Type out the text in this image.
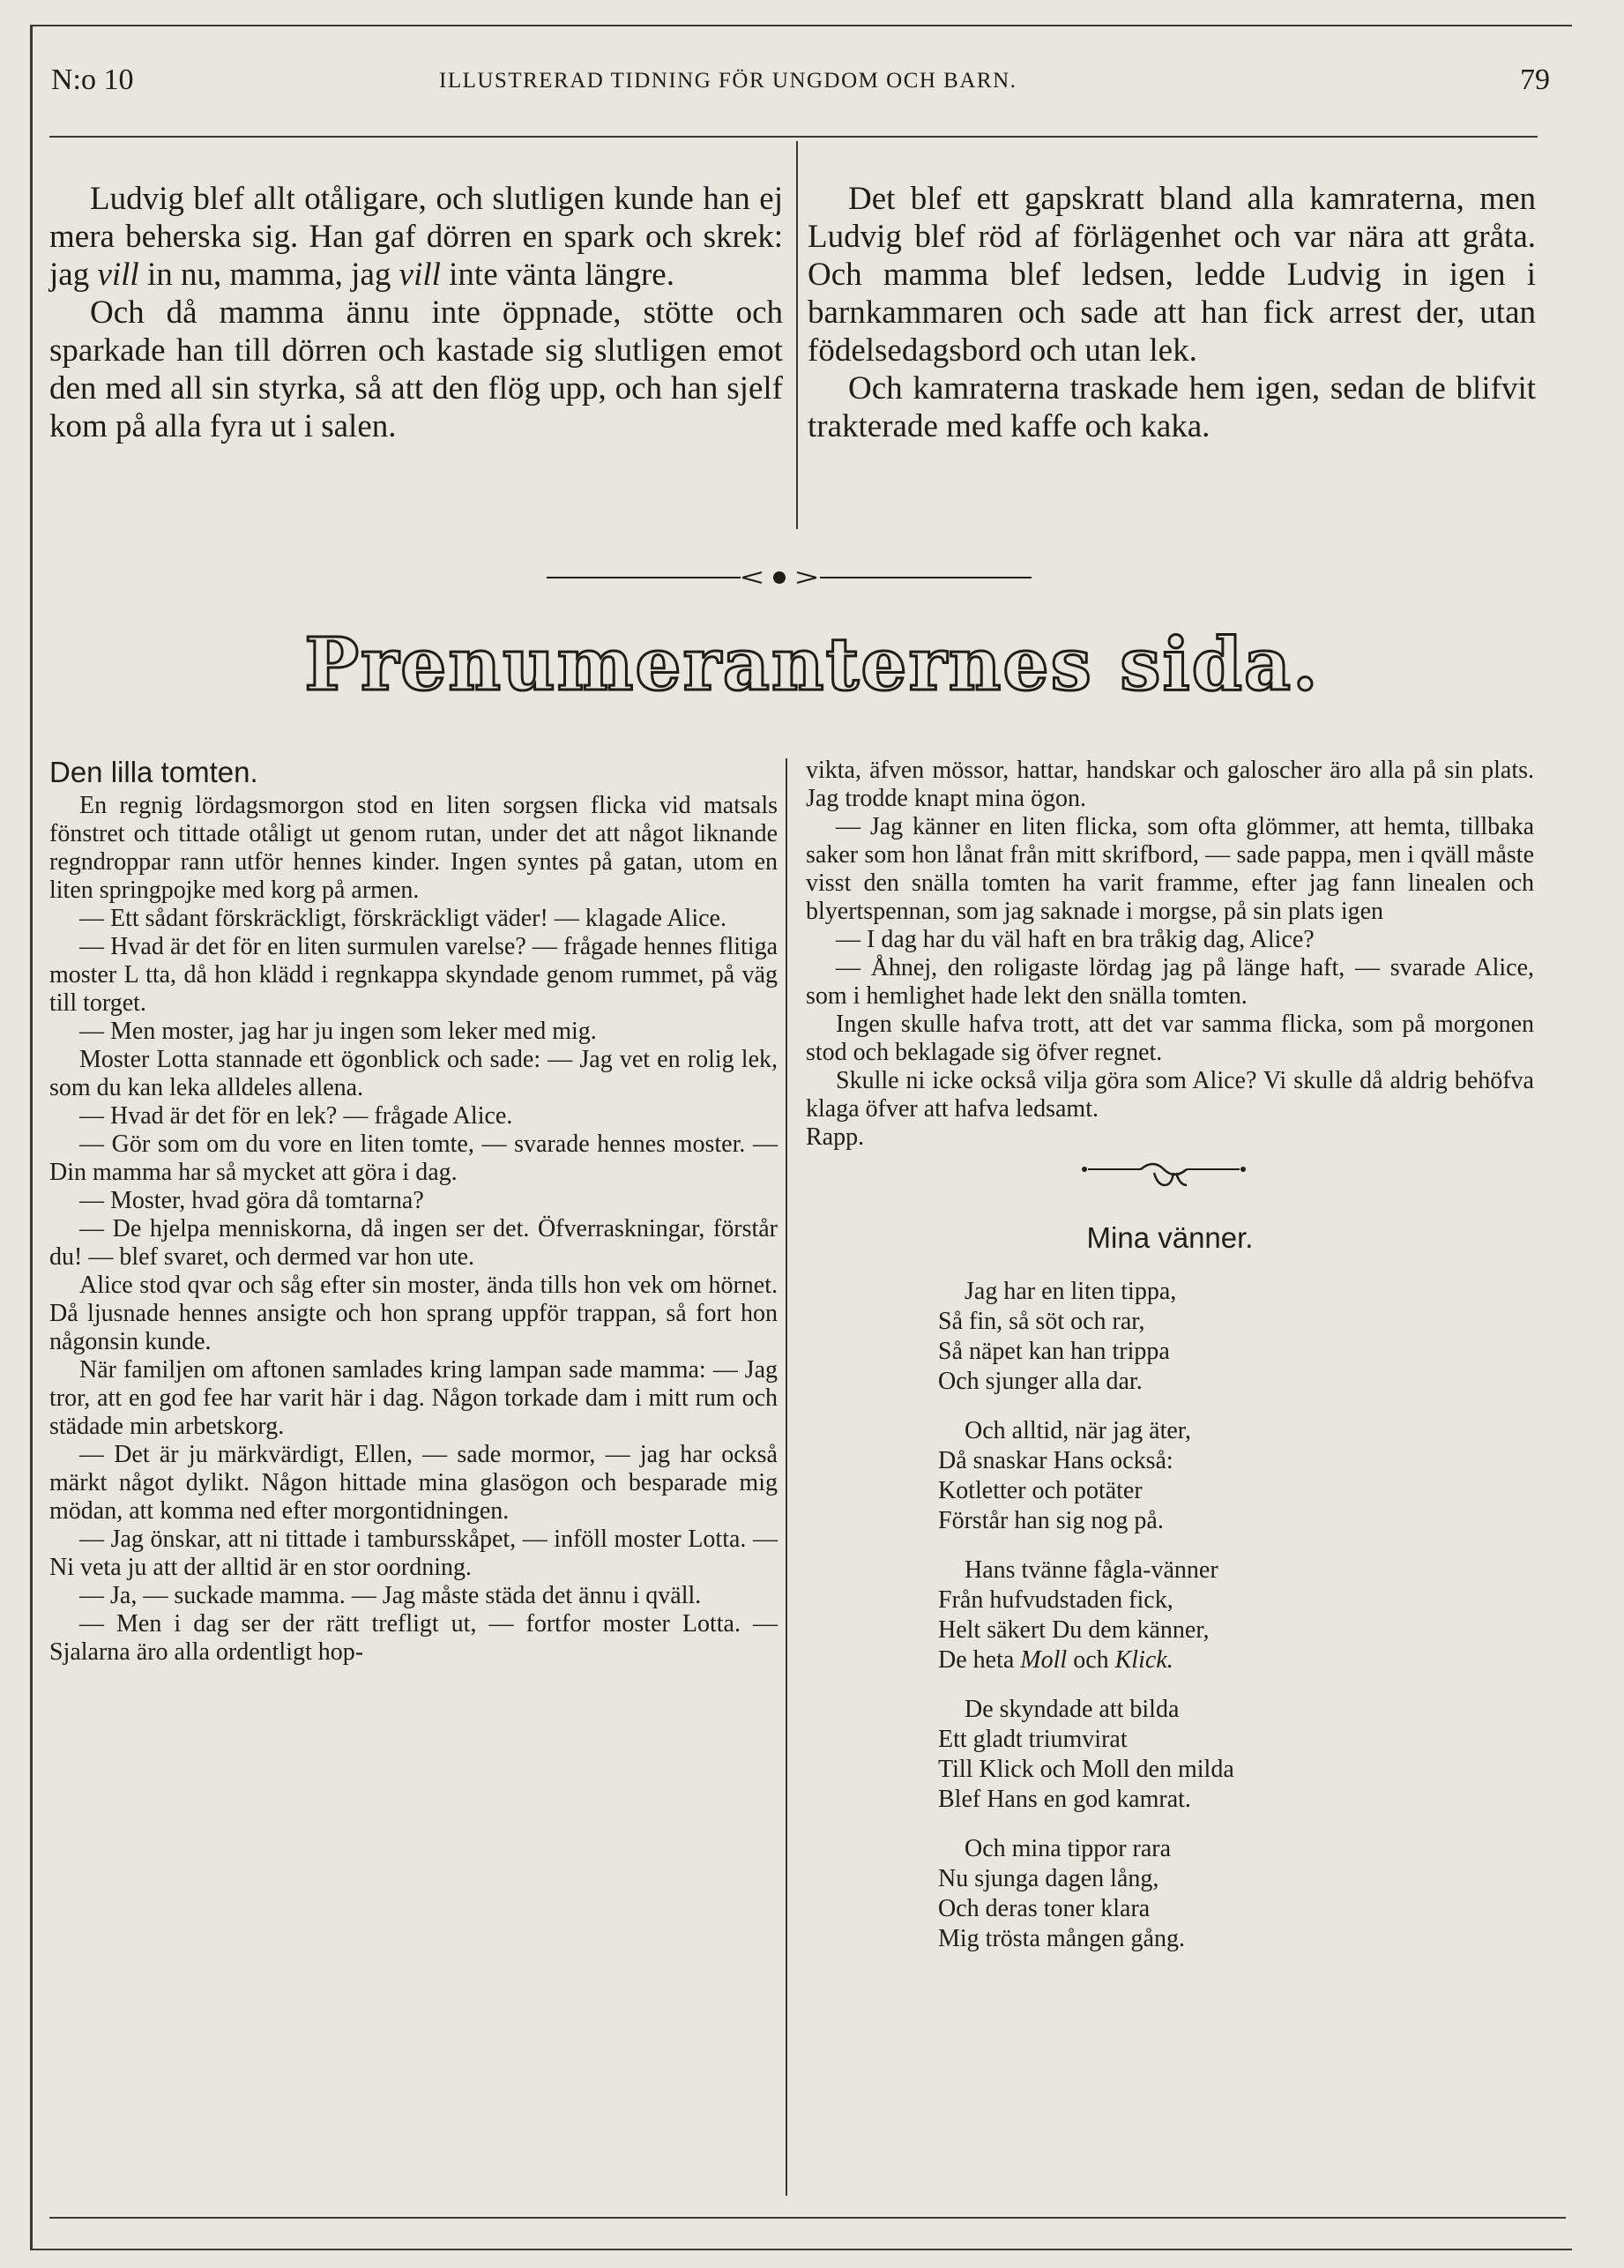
N:o 10	ILLUSTRERAD TIDNING FÖR UNGDOM OCH BARN.	79

Ludvig blef allt otåligare, och slutligen kunde han ej mera beherska sig. Han gaf dörren en spark och skrek: jag vill in nu, mamma, jag vill inte vänta längre.

Och då mamma ännu inte öppnade, stötte och sparkade han till dörren och kastade sig slutligen emot den med all sin styrka, så att den flög upp, och han sjelf kom på alla fyra ut i salen.

Det blef ett gapskratt bland alla kamraterna, men Ludvig blef röd af förlägenhet och var nära att gråta. Och mamma blef ledsen, ledde Ludvig in igen i barnkammaren och sade att han fick arrest der, utan födelsedagsbord och utan lek.

Och kamraterna traskade hem igen, sedan de blifvit trakterade med kaffe och kaka.

Prenumeranternes sida.

Den lilla tomten.

En regnig lördagsmorgon stod en liten sorgsen flicka vid matsals fönstret och tittade otåligt ut genom rutan, under det att något liknande regndroppar rann utför hennes kinder. Ingen syntes på gatan, utom en liten springpojke med korg på armen.

— Ett sådant förskräckligt, förskräckligt väder! — klagade Alice.

— Hvad är det för en liten surmulen varelse? — frågade hennes flitiga moster L tta, då hon klädd i regnkappa skyndade genom rummet, på väg till torget.

— Men moster, jag har ju ingen som leker med mig.

Moster Lotta stannade ett ögonblick och sade: — Jag vet en rolig lek, som du kan leka alldeles allena.

— Hvad är det för en lek? — frågade Alice.

— Gör som om du vore en liten tomte, — svarade hennes moster. — Din mamma har så mycket att göra i dag.

— Moster, hvad göra då tomtarna?

— De hjelpa menniskorna, då ingen ser det. Öfverraskningar, förstår du! — blef svaret, och dermed var hon ute.

Alice stod qvar och såg efter sin moster, ända tills hon vek om hörnet. Då ljusnade hennes ansigte och hon sprang uppför trappan, så fort hon någonsin kunde.

När familjen om aftonen samlades kring lampan sade mamma: — Jag tror, att en god fee har varit här i dag. Någon torkade dam i mitt rum och städade min arbetskorg.

— Det är ju märkvärdigt, Ellen, — sade mormor, — jag har också märkt något dylikt. Någon hittade mina glasögon och besparade mig mödan, att komma ned efter morgontidningen.

— Jag önskar, att ni tittade i tambursskåpet, — inföll moster Lotta. — Ni veta ju att der alltid är en stor oordning.

— Ja, — suckade mamma. — Jag måste städa det ännu i qväll.

— Men i dag ser der rätt trefligt ut, — fortfor moster Lotta. — Sjalarna äro alla ordentligt hop-

vikta, äfven mössor, hattar, handskar och galoscher äro alla på sin plats. Jag trodde knapt mina ögon.

— Jag känner en liten flicka, som ofta glömmer, att hemta, tillbaka saker som hon lånat från mitt skrifbord, — sade pappa, men i qväll måste visst den snälla tomten ha varit framme, efter jag fann linealen och blyertspennan, som jag saknade i morgse, på sin plats igen

— I dag har du väl haft en bra tråkig dag, Alice?

— Åhnej, den roligaste lördag jag på länge haft, — svarade Alice, som i hemlighet hade lekt den snälla tomten.

Ingen skulle hafva trott, att det var samma flicka, som på morgonen stod och beklagade sig öfver regnet.

Skulle ni icke också vilja göra som Alice? Vi skulle då aldrig behöfva klaga öfver att hafva ledsamt.

Rapp.

Mina vänner.
Jag har en liten tippa,
Så fin, så söt och rar,
Så näpet kan han trippa
Och sjunger alla dar.
Och alltid, när jag äter,
Då snaskar Hans också:
Kotletter och potäter
Förstår han sig nog på.
Hans tvänne fågla-vänner
Från hufvudstaden fick,
Helt säkert Du dem känner,
De heta Moll och Klick.
De skyndade att bilda
Ett gladt triumvirat
Till Klick och Moll den milda
Blef Hans en god kamrat.
Och mina tippor rara
Nu sjunga dagen lång,
Och deras toner klara
Mig trösta mången gång.
